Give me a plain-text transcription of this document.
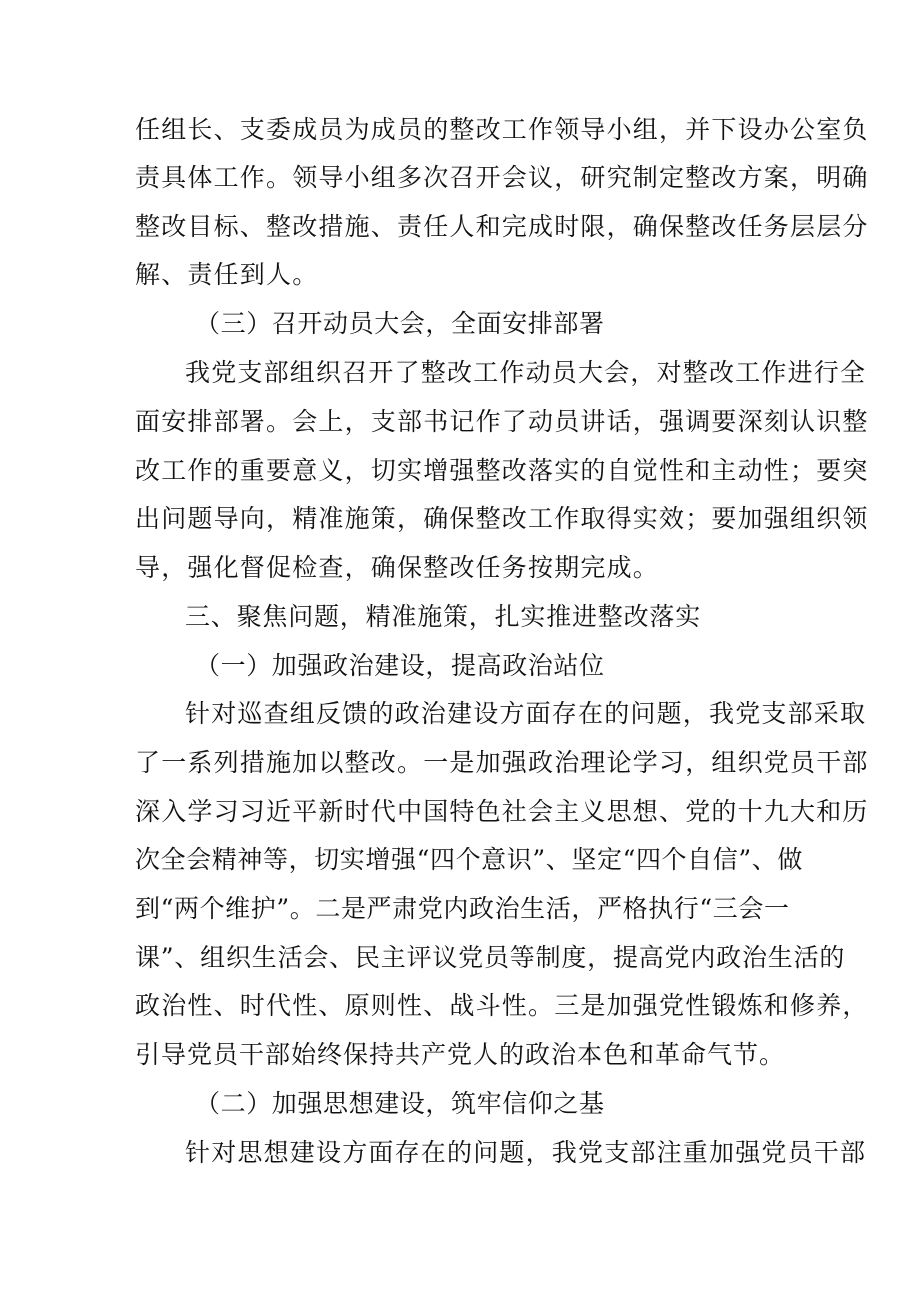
任组长、支委成员为成员的整改工作领导小组，并下设办公室负
责具体工作。领导小组多次召开会议，研究制定整改方案，明确
整改目标、整改措施、责任人和完成时限，确保整改任务层层分
解、责任到人。
（三）召开动员大会，全面安排部署
我党支部组织召开了整改工作动员大会，对整改工作进行全
面安排部署。会上，支部书记作了动员讲话，强调要深刻认识整
改工作的重要意义，切实增强整改落实的自觉性和主动性；要突
出问题导向，精准施策，确保整改工作取得实效；要加强组织领
导，强化督促检查，确保整改任务按期完成。
三、聚焦问题，精准施策，扎实推进整改落实
（一）加强政治建设，提高政治站位
针对巡查组反馈的政治建设方面存在的问题，我党支部采取
了一系列措施加以整改。一是加强政治理论学习，组织党员干部
深入学习习近平新时代中国特色社会主义思想、党的十九大和历
次全会精神等，切实增强“四个意识”、坚定“四个自信”、做
到“两个维护”。二是严肃党内政治生活，严格执行“三会一
课”、组织生活会、民主评议党员等制度，提高党内政治生活的
政治性、时代性、原则性、战斗性。三是加强党性锻炼和修养，
引导党员干部始终保持共产党人的政治本色和革命气节。
（二）加强思想建设，筑牢信仰之基
针对思想建设方面存在的问题，我党支部注重加强党员干部
